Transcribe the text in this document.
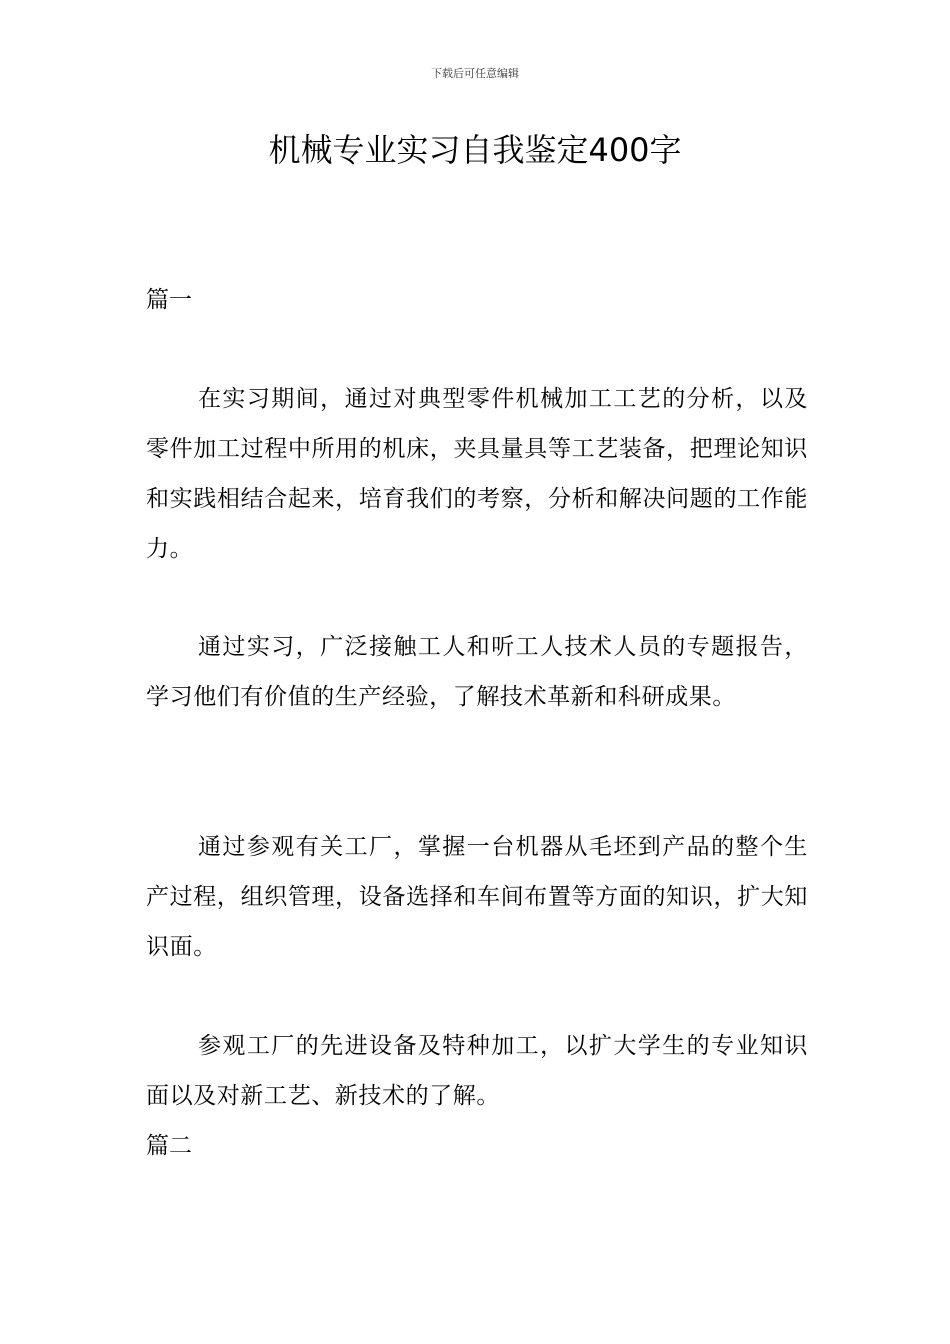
下载后可任意编辑
机械专业实习自我鉴定400字
篇一

在实习期间，通过对典型零件机械加工工艺的分析，以及零件加工过程中所用的机床，夹具量具等工艺装备，把理论知识和实践相结合起来，培育我们的考察，分析和解决问题的工作能力。

通过实习，广泛接触工人和听工人技术人员的专题报告，学习他们有价值的生产经验，了解技术革新和科研成果。

通过参观有关工厂，掌握一台机器从毛坯到产品的整个生产过程，组织管理，设备选择和车间布置等方面的知识，扩大知识面。

参观工厂的先进设备及特种加工，以扩大学生的专业知识面以及对新工艺、新技术的了解。

篇二
